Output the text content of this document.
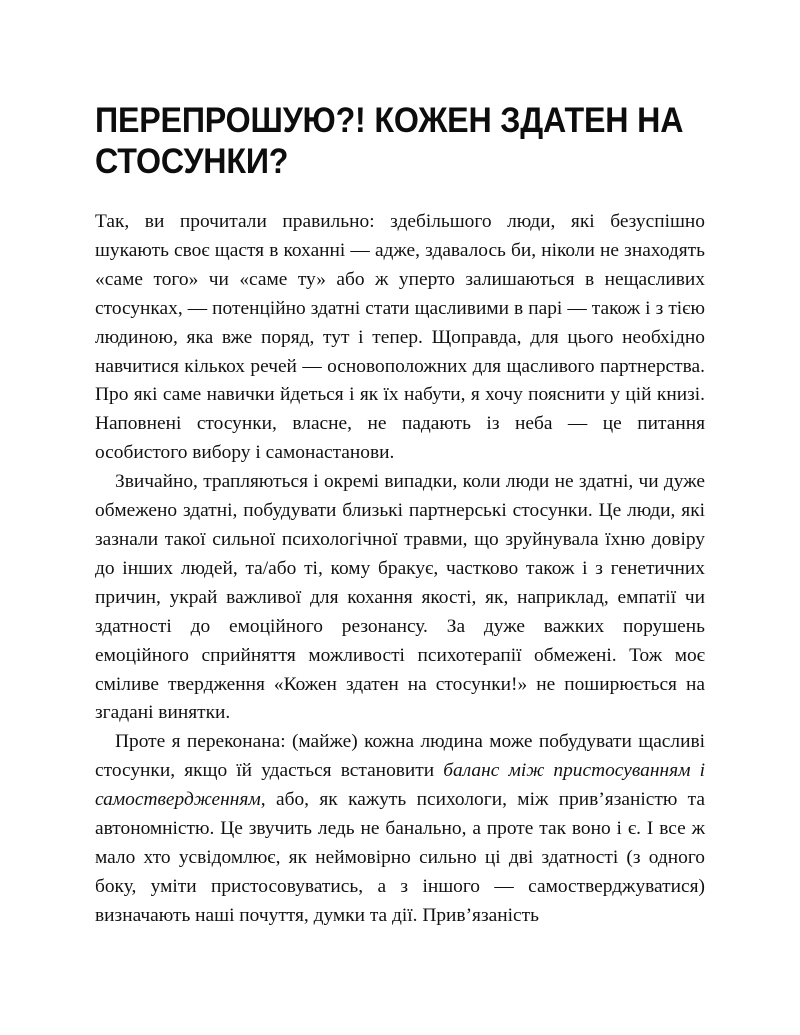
ПЕРЕПРОШУЮ?! КОЖЕН ЗДАТЕН НА СТОСУНКИ?

Так, ви прочитали правильно: здебільшого люди, які безуспішно шукають своє щастя в коханні — адже, здавалось би, ніколи не знаходять «саме того» чи «саме ту» або ж уперто залишаються в нещасливих стосунках, — потенційно здатні стати щасливими в парі — також і з тією людиною, яка вже поряд, тут і тепер. Щоправда, для цього необхідно навчитися кількох речей — основоположних для щасливого партнерства. Про які саме навички йдеться і як їх набути, я хочу пояснити у цій книзі. Наповнені стосунки, власне, не падають із неба — це питання особистого вибору і самонастанови.

Звичайно, трапляються і окремі випадки, коли люди не здатні, чи дуже обмежено здатні, побудувати близькі партнерські стосунки. Це люди, які зазнали такої сильної психологічної травми, що зруйнувала їхню довіру до інших людей, та/або ті, кому бракує, частково також і з генетичних причин, украй важливої для кохання якості, як, наприклад, емпатії чи здатності до емоційного резонансу. За дуже важких порушень емоційного сприйняття можливості психотерапії обмежені. Тож моє сміливе твердження «Кожен здатен на стосунки!» не поширюється на згадані винятки.

Проте я переконана: (майже) кожна людина може побудувати щасливі стосунки, якщо їй удасться встановити баланс між пристосуванням і самоствердженням, або, як кажуть психологи, між привʼязаністю та автономністю. Це звучить ледь не банально, а проте так воно і є. І все ж мало хто усвідомлює, як неймовірно сильно ці дві здатності (з одного боку, уміти пристосовуватись, а з іншого — самостверджуватися) визначають наші почуття, думки та дії. Привʼязаність
